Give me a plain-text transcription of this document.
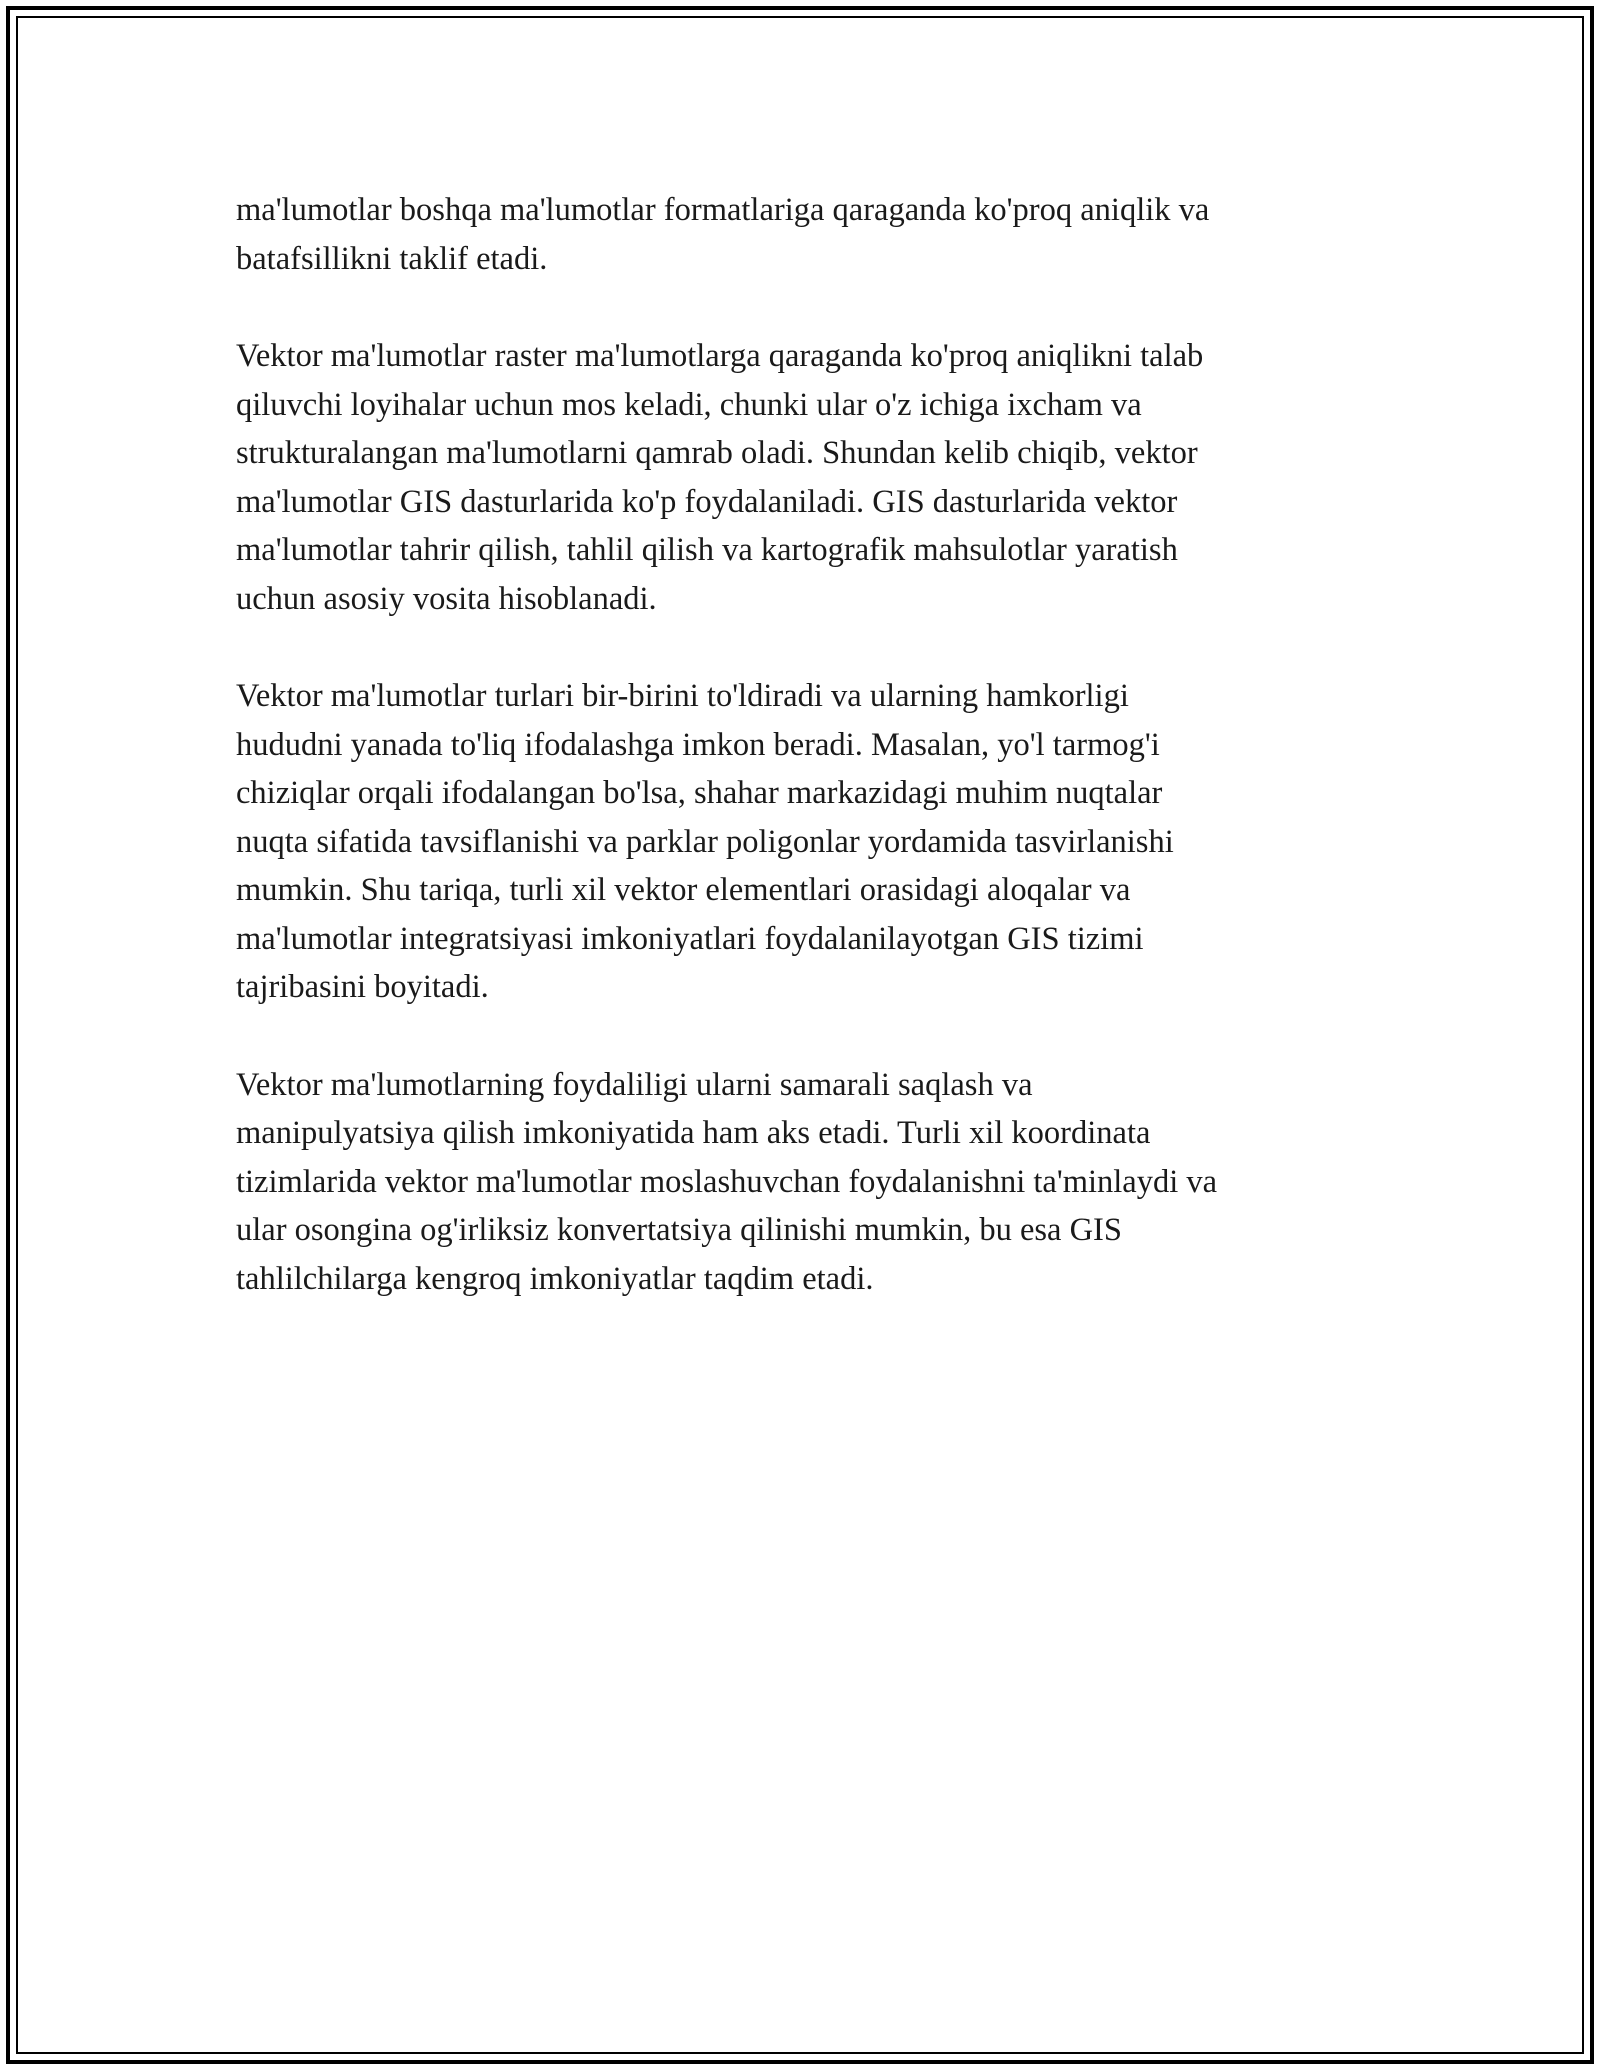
ma'lumotlar boshqa ma'lumotlar formatlariga qaraganda ko'proq aniqlik va
batafsillikni taklif etadi.

Vektor ma'lumotlar raster ma'lumotlarga qaraganda ko'proq aniqlikni talab
qiluvchi loyihalar uchun mos keladi, chunki ular o'z ichiga ixcham va
strukturalangan ma'lumotlarni qamrab oladi. Shundan kelib chiqib, vektor
ma'lumotlar GIS dasturlarida ko'p foydalaniladi. GIS dasturlarida vektor
ma'lumotlar tahrir qilish, tahlil qilish va kartografik mahsulotlar yaratish
uchun asosiy vosita hisoblanadi.

Vektor ma'lumotlar turlari bir-birini to'ldiradi va ularning hamkorligi
hududni yanada to'liq ifodalashga imkon beradi. Masalan, yo'l tarmog'i
chiziqlar orqali ifodalangan bo'lsa, shahar markazidagi muhim nuqtalar
nuqta sifatida tavsiflanishi va parklar poligonlar yordamida tasvirlanishi
mumkin. Shu tariqa, turli xil vektor elementlari orasidagi aloqalar va
ma'lumotlar integratsiyasi imkoniyatlari foydalanilayotgan GIS tizimi
tajribasini boyitadi.

Vektor ma'lumotlarning foydaliligi ularni samarali saqlash va
manipulyatsiya qilish imkoniyatida ham aks etadi. Turli xil koordinata
tizimlarida vektor ma'lumotlar moslashuvchan foydalanishni ta'minlaydi va
ular osongina og'irliksiz konvertatsiya qilinishi mumkin, bu esa GIS
tahlilchilarga kengroq imkoniyatlar taqdim etadi.
